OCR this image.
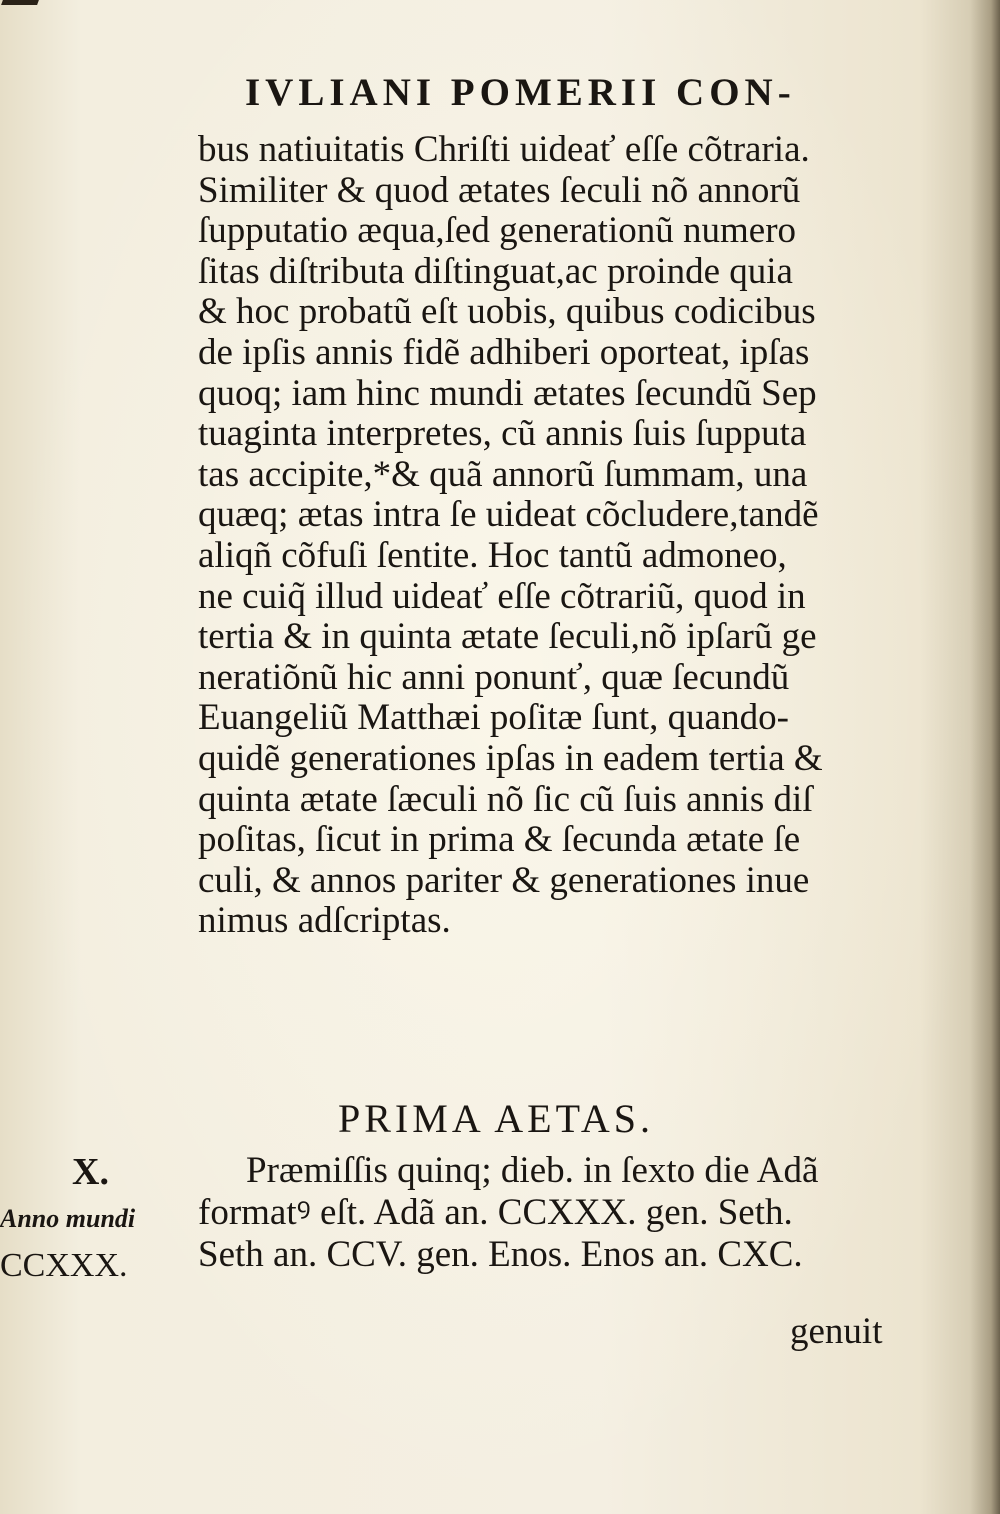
IVLIANI POMERII CON-
bus natiuitatis Chriſti uideať eſſe cõtraria.
Similiter & quod ætates ſeculi nõ annorũ
ſupputatio æqua,ſed generationũ numero
ſitas diſtributa diſtinguat,ac proinde quia
& hoc probatũ eſt uobis, quibus codicibus
de ipſis annis fidẽ adhiberi oporteat, ipſas
quoq; iam hinc mundi ætates ſecundũ Sep
tuaginta interpretes, cũ annis ſuis ſupputa
tas accipite,*& quã annorũ ſummam, una
quæq; ætas intra ſe uideat cõcludere,tandẽ
aliqñ cõfuſi ſentite. Hoc tantũ admoneo,
ne cuiq̃ illud uideať eſſe cõtrariũ, quod in
tertia & in quinta ætate ſeculi,nõ ipſarũ ge
neratiõnũ hic anni ponunť, quæ ſecundũ
Euangeliũ Matthæi poſitæ ſunt, quando-
quidẽ generationes ipſas in eadem tertia &
quinta ætate ſæculi nõ ſic cũ ſuis annis diſ
poſitas, ſicut in prima & ſecunda ætate ſe
culi, & annos pariter & generationes inue
nimus adſcriptas.
PRIMA AETAS.
Præmiſſis quinq; dieb. in ſexto die Adã
formatꝰ eſt. Adã an. CCXXX. gen. Seth.
Seth an. CCV. gen. Enos. Enos an. CXC.
genuit
X.
Anno mundi
CCXXX.
